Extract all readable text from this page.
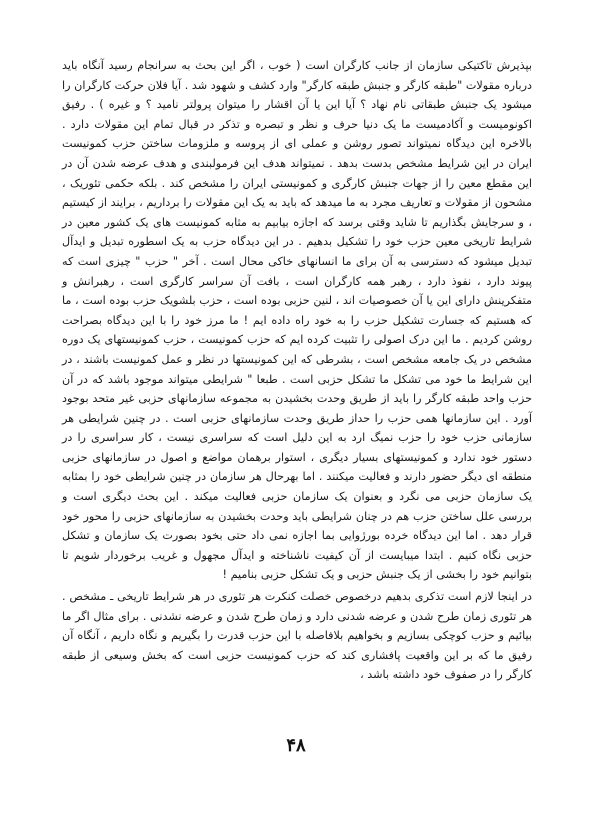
بپذیرش تاکتیکی سازمان از جانب کارگران است ( خوب ، اگر این بحث به سرانجام رسید آنگاه باید درباره مقولات "طبقه کارگر و جنبش طبقه کارگر" وارد کشف و شهود شد . آیا فلان حرکت کارگران را میشود یک جنبش طبقاتی نام نهاد ؟ آیا این یا آن اقشار را میتوان پرولتر نامید ؟ و غیره ) . رفیق اکونومیست و آکادمیست ما یک دنیا حرف و نظر و تبصره و تذکر در قبال تمام این مقولات دارد . بالاخره این دیدگاه نمیتواند تصور روشن و عملی ای از پروسه و ملزومات ساختن حزب کمونیست ایران در این شرایط مشخص بدست بدهد . نمیتواند هدف این فرمولبندی و هدف عرضه شدن آن در این مقطع معین را از جهات جنبش کارگری و کمونیستی ایران را مشخص کند . بلکه حکمی تئوریک ، مشحون از مقولات و تعاریف مجرد به ما میدهد که باید به یک این مقولات را برداریم ، برایند از کیستیم ، و سرجایش بگذاریم تا شاید وقتی برسد که اجازه بیابیم به مثابه کمونیست های یک کشور معین در شرایط تاریخی معین حزب خود را تشکیل بدهیم . در این دیدگاه حزب به یک اسطوره تبدیل و ایدآل تبدیل میشود که دسترسی به آن برای ما انسانهای خاکی محال است . آخر " حزب " چیزی است که پیوند دارد ، نفوذ دارد ، رهبر همه کارگران است ، بافت آن سراسر کارگری است ، رهبرانش و متفکرینش دارای این یا آن خصوصیات اند ، لنین حزبی بوده است ، حزب بلشویک حزب بوده است ، ما که هستیم که جسارت تشکیل حزب را به خود راه داده ایم ! ما مرز خود را با این دیدگاه بصراحت روشن کردیم . ما این درک اصولی را تثبیت کرده ایم که حزب کمونیست ، حزب کمونیستهای یک دوره مشخص در یک جامعه مشخص است ، بشرطی که این کمونیستها در نظر و عمل کمونیست باشند ، در این شرایط ما خود می تشکل ما تشکل حزبی است . طبعا " شرایطی میتواند موجود باشد که در آن حزب واحد طبقه کارگر را باید از طریق وحدت بخشیدن به مجموعه سازمانهای حزبی غیر متحد بوجود آورد . این سازمانها همی حزب را حداز طریق وحدت سازمانهای حزبی است . در چنین شرایطی هر سازمانی حزب خود را حزب نمیگ ارد به این دلیل است که سراسری نیست ، کار سراسری را در دستور خود ندارد و کمونیستهای بسیار دیگری ، استوار برهمان مواضع و اصول در سازمانهای حزبی منطقه ای دیگر حضور دارند و فعالیت میکنند . اما بهرحال هر سازمان در چنین شرایطی خود را بمثابه یک سازمان حزبی می نگرد و بعنوان یک سازمان حزبی فعالیت میکند . این بحث دیگری است و بررسی علل ساختن حزب هم در چنان شرایطی باید وحدت بخشیدن به سازمانهای حزبی را محور خود قرار دهد . اما این دیدگاه خرده بورژوایی بما اجازه نمی داد حتی بخود بصورت یک سازمان و تشکل حزبی نگاه کنیم . ابتدا میبایست از آن کیفیت ناشناخته و ایدآل مجهول و غریب برخوردار شویم تا بتوانیم خود را بخشی از یک جنبش حزبی و یک تشکل حزبی بنامیم !

در اینجا لازم است تذکری بدهیم درخصوص خصلت کنکرت هر تئوری در هر شرایط تاریخی ـ مشخص . هر تئوری زمان طرح شدن و عرضه شدنی دارد و زمان طرح شدن و عرضه نشدنی . برای مثال اگر ما بیائیم و حزب کوچکی بسازیم و بخواهیم بلافاصله با این حزب قدرت را بگیریم و نگاه داریم ، آنگاه آن رفیق ما که بر این واقعیت پافشاری کند که حزب کمونیست حزبی است که بخش وسیعی از طبقه کارگر را در صفوف خود داشته باشد ،

۴۸
